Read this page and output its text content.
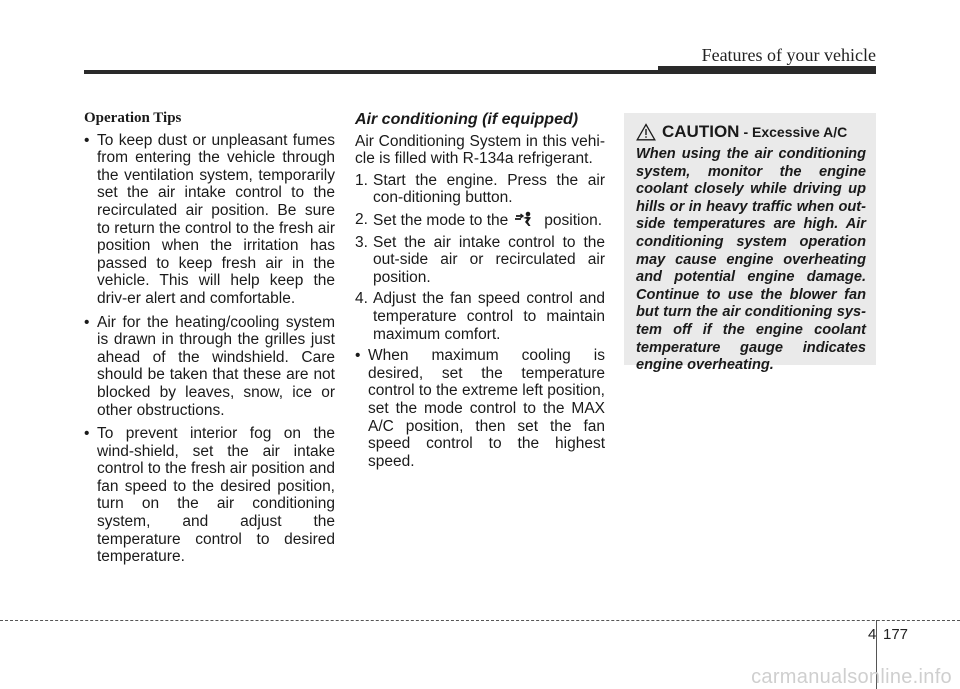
Features of your vehicle
Operation Tips
• To keep dust or unpleasant fumes from entering the vehicle through the ventilation system, temporarily set the air intake control to the recirculated air position. Be sure to return the control to the fresh air position when the irritation has passed to keep fresh air in the vehicle. This will help keep the driv-er alert and comfortable.
• Air for the heating/cooling system is drawn in through the grilles just ahead of the windshield. Care should be taken that these are not blocked by leaves, snow, ice or other obstructions.
• To prevent interior fog on the wind-shield, set the air intake control to the fresh air position and fan speed to the desired position, turn on the air conditioning system, and adjust the temperature control to desired temperature.
Air conditioning (if equipped)

Air Conditioning System in this vehi-cle is filled with R-134a refrigerant.

1. Start the engine. Press the air con-ditioning button.
2. Set the mode to the position.
3. Set the air intake control to the out-side air or recirculated air position.
4. Adjust the fan speed control and temperature control to maintain maximum comfort.
• When maximum cooling is desired, set the temperature control to the extreme left position, set the mode control to the MAX A/C position, then set the fan speed control to the highest speed.
CAUTION - Excessive A/C

When using the air conditioning system, monitor the engine coolant closely while driving up hills or in heavy traffic when out-side temperatures are high. Air conditioning system operation may cause engine overheating and potential engine damage. Continue to use the blower fan but turn the air conditioning sys-tem off if the engine coolant temperature gauge indicates engine overheating.

4 177
carmanualsonline.info
